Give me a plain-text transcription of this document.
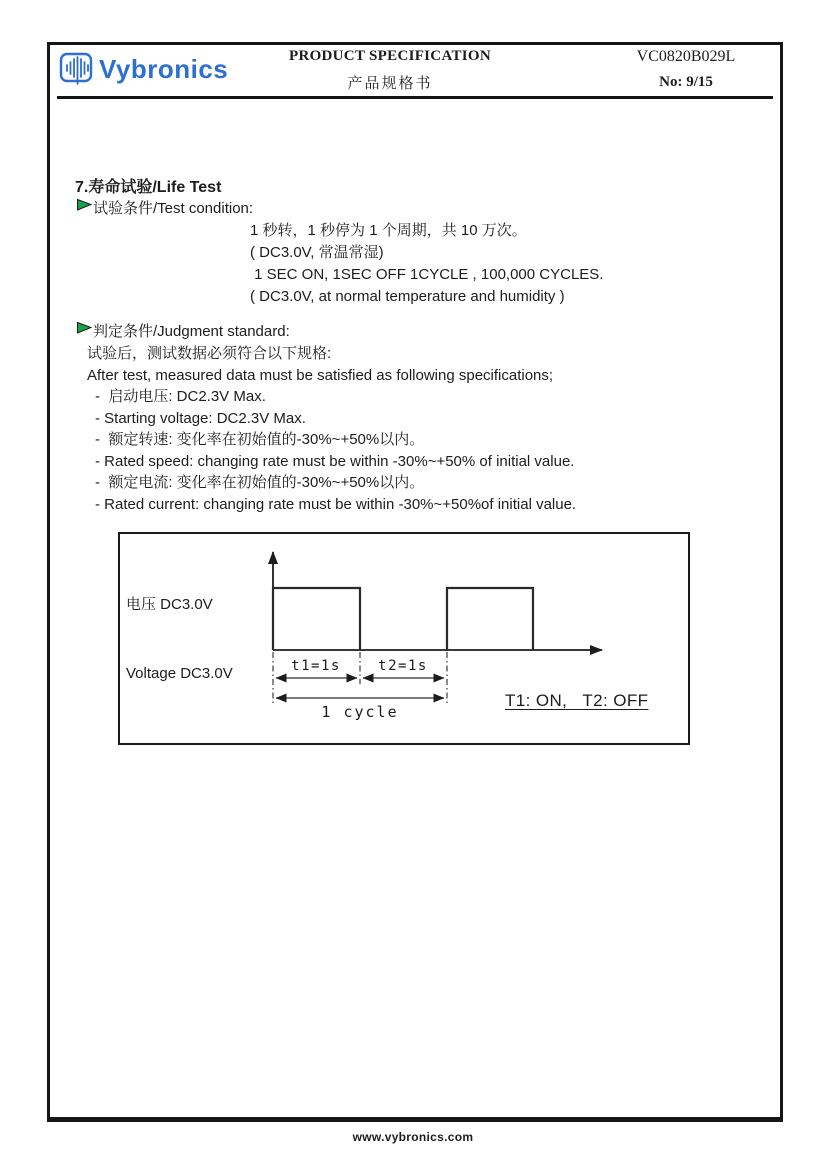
Vybronics	PRODUCT SPECIFICATION
产品规格书
VC0820B029L
No: 9/15
7.寿命试验/Life Test
试验条件/Test condition:
1 秒转，1 秒停为 1 个周期，共 10 万次。
( DC3.0V, 常温常湿)
1 SEC ON, 1SEC OFF 1CYCLE , 100,000 CYCLES.
( DC3.0V, at normal temperature and humidity )
判定条件/Judgment standard:
试验后，测试数据必须符合以下规格:
After test, measured data must be satisfied as following specifications;
-  启动电压: DC2.3V Max.
- Starting voltage: DC2.3V Max.
-  额定转速: 变化率在初始值的-30%~+50%以内。
- Rated speed: changing rate must be within -30%~+50% of initial value.
-  额定电流: 变化率在初始值的-30%~+50%以内。
- Rated current: changing rate must be within -30%~+50%of initial value.
t1=1s	t2=1s
1 cycle

电压 DC3.0V

Voltage DC3.0V

T1: ON,   T2: OFF
www.vybronics.com
